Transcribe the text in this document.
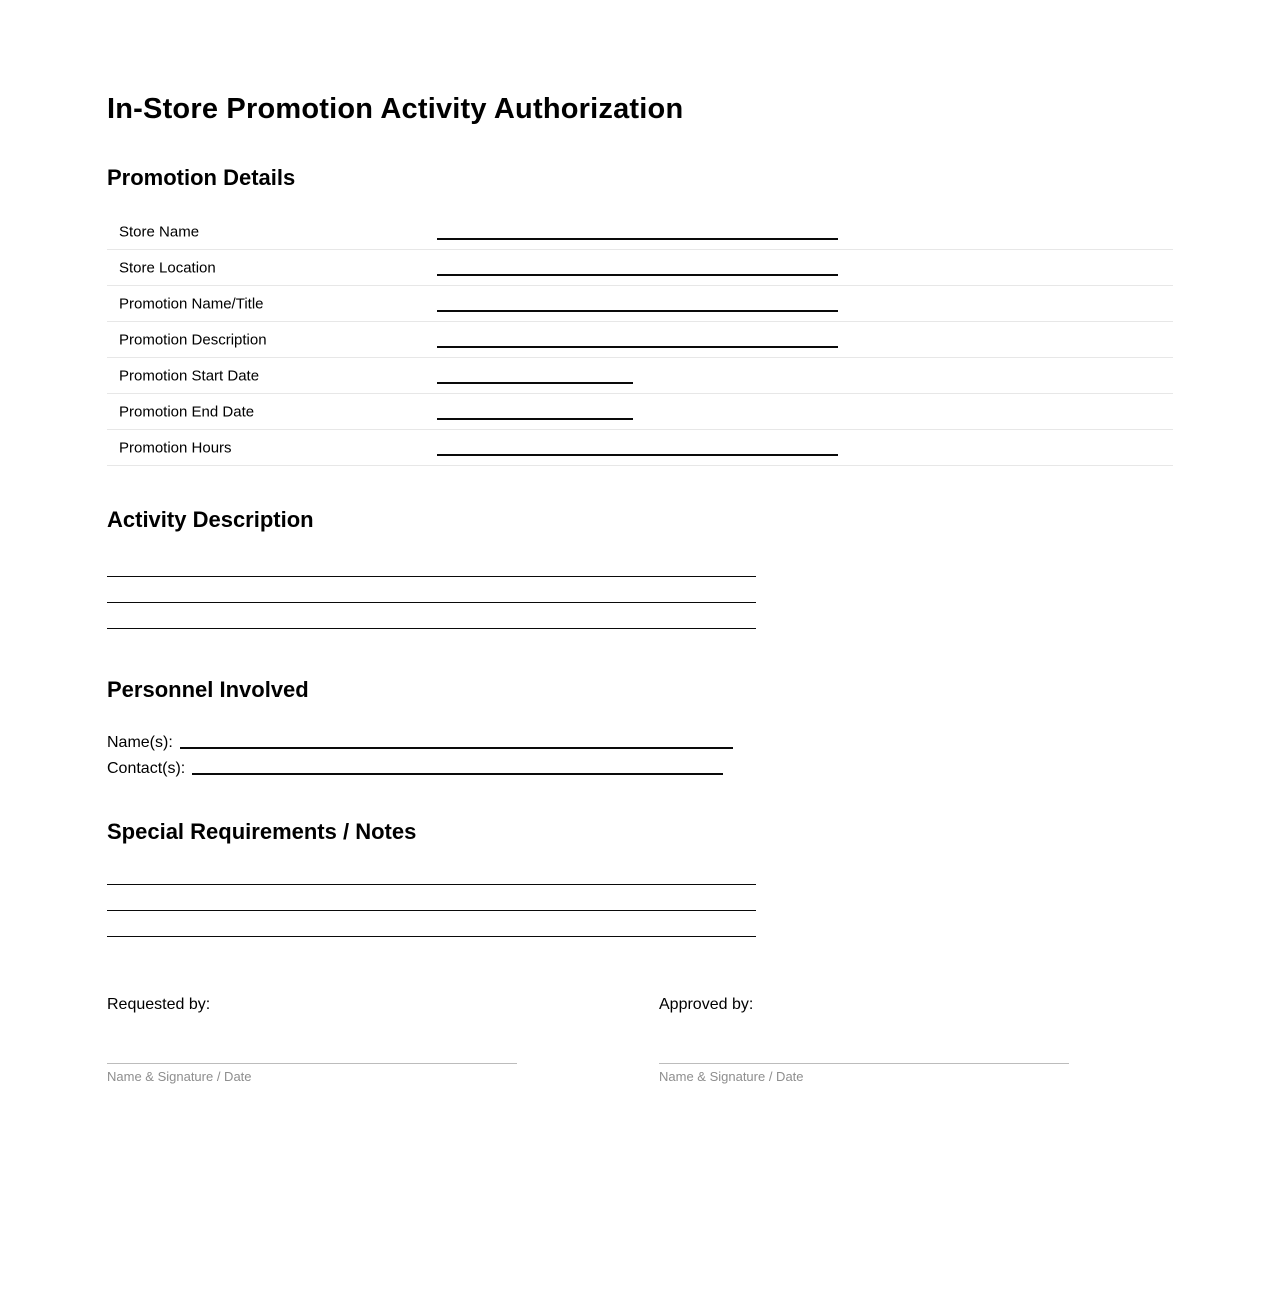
In-Store Promotion Activity Authorization
Promotion Details
Store Name
Store Location
Promotion Name/Title
Promotion Description
Promotion Start Date
Promotion End Date
Promotion Hours
Activity Description
Personnel Involved
Name(s):
Contact(s):
Special Requirements / Notes
Requested by:
Name & Signature / Date
Approved by:
Name & Signature / Date
